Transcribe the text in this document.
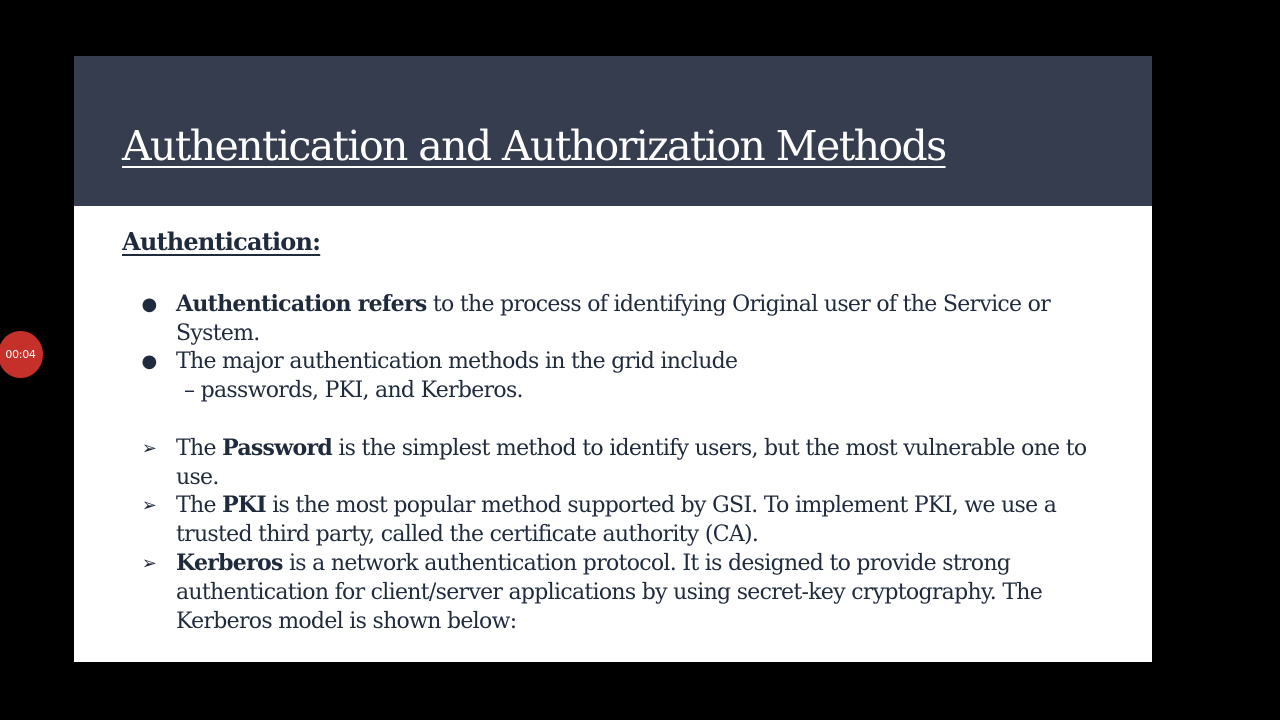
Authentication and Authorization Methods
Authentication:
● Authentication refers to the process of identifying Original user of the Service or System.
● The major authentication methods in the grid include
– passwords, PKI, and Kerberos.
➢ The Password is the simplest method to identify users, but the most vulnerable one to use.
➢ The PKI is the most popular method supported by GSI. To implement PKI, we use a trusted third party, called the certificate authority (CA).
➢ Kerberos is a network authentication protocol. It is designed to provide strong authentication for client/server applications by using secret-key cryptography. The Kerberos model is shown below:
00:04
